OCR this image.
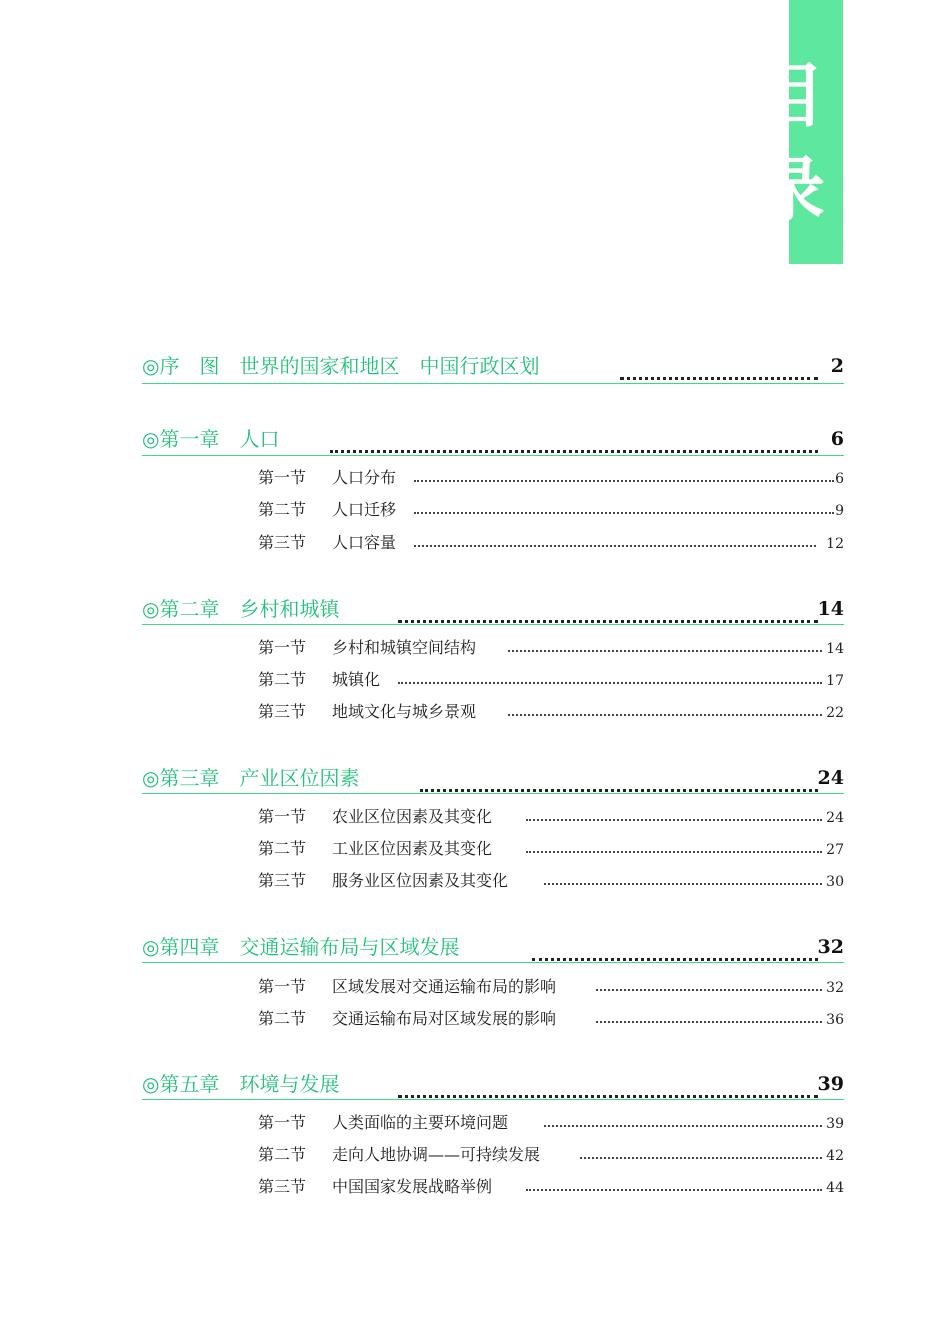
目
录
◎序　图　世界的国家和地区　中国行政区划	2
◎第一章　人口	6
第一节 人口分布	6
第二节 人口迁移	9
第三节 人口容量	12
◎第二章　乡村和城镇	14
第一节 乡村和城镇空间结构	14
第二节 城镇化	17
第三节 地域文化与城乡景观	22
◎第三章　产业区位因素	24
第一节 农业区位因素及其变化	24
第二节 工业区位因素及其变化	27
第三节 服务业区位因素及其变化	30
◎第四章　交通运输布局与区域发展	32
第一节 区域发展对交通运输布局的影响	32
第二节 交通运输布局对区域发展的影响	36
◎第五章　环境与发展	39
第一节 人类面临的主要环境问题	39
第二节 走向人地协调——可持续发展	42
第三节 中国国家发展战略举例	44
